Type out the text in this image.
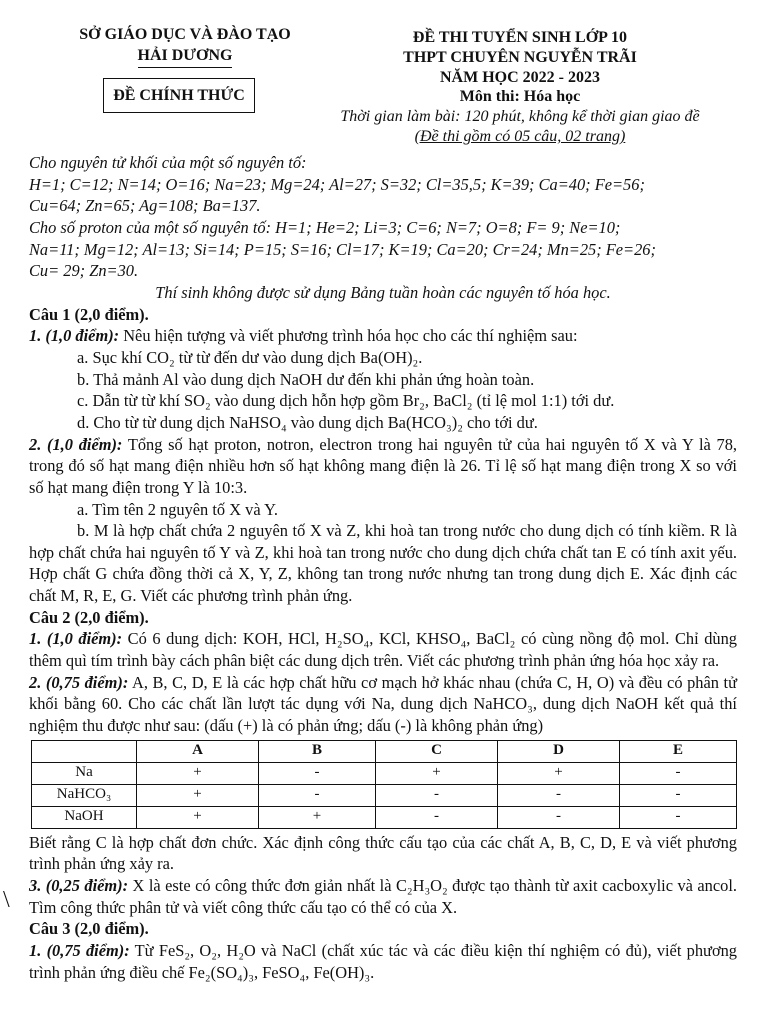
SỞ GIÁO DỤC VÀ ĐÀO TẠO
HẢI DƯƠNG
ĐỀ CHÍNH THỨC
ĐỀ THI TUYỂN SINH LỚP 10
THPT CHUYÊN NGUYỄN TRÃI
NĂM HỌC 2022 - 2023
Môn thi: Hóa học
Thời gian làm bài: 120 phút, không kể thời gian giao đề
(Đề thi gồm có 05 câu, 02 trang)
\

Cho nguyên tử khối của một số nguyên tố:

H=1; C=12; N=14; O=16; Na=23; Mg=24; Al=27; S=32; Cl=35,5; K=39; Ca=40; Fe=56;

Cu=64; Zn=65; Ag=108; Ba=137.

Cho số proton của một số nguyên tố: H=1; He=2; Li=3; C=6; N=7; O=8; F= 9; Ne=10;

Na=11; Mg=12; Al=13; Si=14; P=15; S=16; Cl=17; K=19; Ca=20; Cr=24; Mn=25; Fe=26;

Cu= 29; Zn=30.

Thí sinh không được sử dụng Bảng tuần hoàn các nguyên tố hóa học.

Câu 1 (2,0 điểm).

1. (1,0 điểm): Nêu hiện tượng và viết phương trình hóa học cho các thí nghiệm sau:

a. Sục khí CO₂ từ từ đến dư vào dung dịch Ba(OH)₂.

b. Thả mảnh Al vào dung dịch NaOH dư đến khi phản ứng hoàn toàn.

c. Dẫn từ từ khí SO₂ vào dung dịch hỗn hợp gồm Br₂, BaCl₂ (tỉ lệ mol 1:1) tới dư.

d. Cho từ từ dung dịch NaHSO₄ vào dung dịch Ba(HCO₃)₂ cho tới dư.

2. (1,0 điểm): Tổng số hạt proton, notron, electron trong hai nguyên tử của hai nguyên tố X và Y là 78, trong đó số hạt mang điện nhiều hơn số hạt không mang điện là 26. Tỉ lệ số hạt mang điện trong X so với số hạt mang điện trong Y là 10:3.

a. Tìm tên 2 nguyên tố X và Y.

b. M là hợp chất chứa 2 nguyên tố X và Z, khi hoà tan trong nước cho dung dịch có tính kiềm. R là hợp chất chứa hai nguyên tố Y và Z, khi hoà tan trong nước cho dung dịch chứa chất tan E có tính axit yếu. Hợp chất G chứa đồng thời cả X, Y, Z, không tan trong nước nhưng tan trong dung dịch E. Xác định các chất M, R, E, G. Viết các phương trình phản ứng.

Câu 2 (2,0 điểm).

1. (1,0 điểm): Có 6 dung dịch: KOH, HCl, H₂SO₄, KCl, KHSO₄, BaCl₂ có cùng nồng độ mol. Chỉ dùng thêm quì tím trình bày cách phân biệt các dung dịch trên. Viết các phương trình phản ứng hóa học xảy ra.

2. (0,75 điểm): A, B, C, D, E là các hợp chất hữu cơ mạch hở khác nhau (chứa C, H, O) và đều có phân tử khối bằng 60. Cho các chất lần lượt tác dụng với Na, dung dịch NaHCO₃, dung dịch NaOH kết quả thí nghiệm thu được như sau: (dấu (+) là có phản ứng; dấu (-) là không phản ứng)

	A	B	C	D	E
Na	+	-	+	+	-
NaHCO₃	+	-	-	-	-
NaOH	+	+	-	-	-

Biết rằng C là hợp chất đơn chức. Xác định công thức cấu tạo của các chất A, B, C, D, E và viết phương trình phản ứng xảy ra.

3. (0,25 điểm): X là este có công thức đơn giản nhất là C₂H₃O₂ được tạo thành từ axit cacboxylic và ancol. Tìm công thức phân tử và viết công thức cấu tạo có thể có của X.

Câu 3 (2,0 điểm).

1. (0,75 điểm): Từ FeS₂, O₂, H₂O và NaCl (chất xúc tác và các điều kiện thí nghiệm có đủ), viết phương trình phản ứng điều chế Fe₂(SO₄)₃, FeSO₄, Fe(OH)₃.
